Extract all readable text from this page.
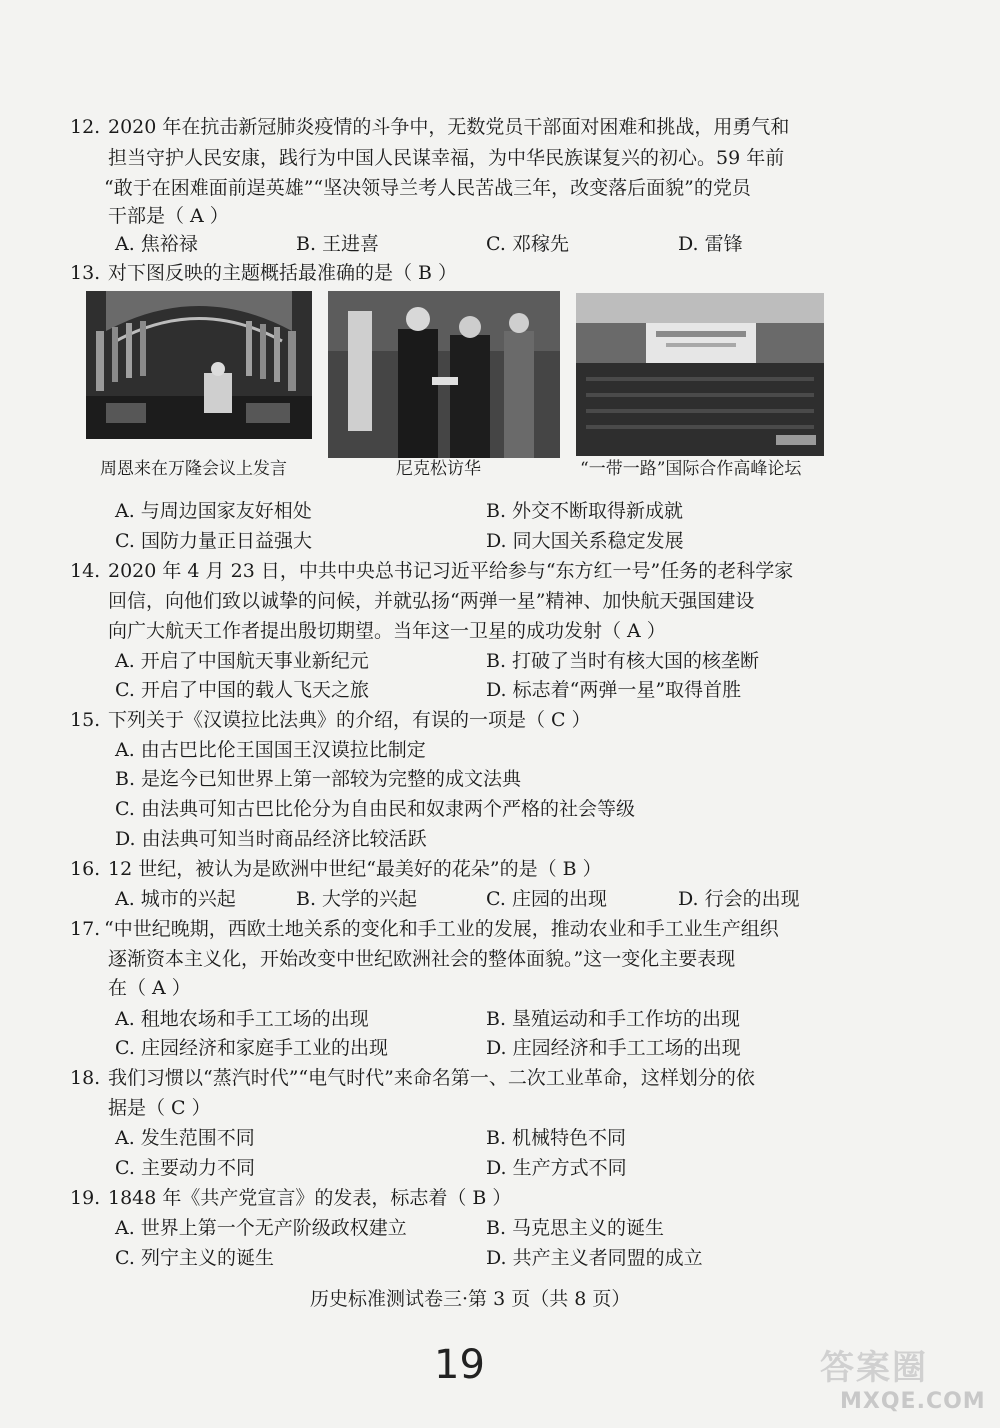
12. 2020 年在抗击新冠肺炎疫情的斗争中，无数党员干部面对困难和挑战，用勇气和
担当守护人民安康，践行为中国人民谋幸福，为中华民族谋复兴的初心。59 年前
“敢于在困难面前逞英雄”“坚决领导兰考人民苦战三年，改变落后面貌”的党员
干部是（ A ）
A. 焦裕禄	B. 王进喜	C. 邓稼先	D. 雷锋
13. 对下图反映的主题概括最准确的是（ B ）
周恩来在万隆会议上发言	尼克松访华	“一带一路”国际合作高峰论坛
A. 与周边国家友好相处	B. 外交不断取得新成就
C. 国防力量正日益强大	D. 同大国关系稳定发展
14. 2020 年 4 月 23 日，中共中央总书记习近平给参与“东方红一号”任务的老科学家
回信，向他们致以诚挚的问候，并就弘扬“两弹一星”精神、加快航天强国建设
向广大航天工作者提出殷切期望。当年这一卫星的成功发射（ A ）
A. 开启了中国航天事业新纪元	B. 打破了当时有核大国的核垄断
C. 开启了中国的载人飞天之旅	D. 标志着“两弹一星”取得首胜
15. 下列关于《汉谟拉比法典》的介绍，有误的一项是（ C ）
A. 由古巴比伦王国国王汉谟拉比制定
B. 是迄今已知世界上第一部较为完整的成文法典
C. 由法典可知古巴比伦分为自由民和奴隶两个严格的社会等级
D. 由法典可知当时商品经济比较活跃
16. 12 世纪，被认为是欧洲中世纪“最美好的花朵”的是（ B ）
A. 城市的兴起	B. 大学的兴起	C. 庄园的出现	D. 行会的出现
17. “中世纪晚期，西欧土地关系的变化和手工业的发展，推动农业和手工业生产组织
逐渐资本主义化，开始改变中世纪欧洲社会的整体面貌。”这一变化主要表现
在（ A ）
A. 租地农场和手工工场的出现	B. 垦殖运动和手工作坊的出现
C. 庄园经济和家庭手工业的出现	D. 庄园经济和手工工场的出现
18. 我们习惯以“蒸汽时代”“电气时代”来命名第一、二次工业革命，这样划分的依
据是（ C ）
A. 发生范围不同	B. 机械特色不同
C. 主要动力不同	D. 生产方式不同
19. 1848 年《共产党宣言》的发表，标志着（ B ）
A. 世界上第一个无产阶级政权建立	B. 马克思主义的诞生
C. 列宁主义的诞生	D. 共产主义者同盟的成立
历史标准测试卷三·第 3 页（共 8 页）
19	答案圈
MXQE.COM
